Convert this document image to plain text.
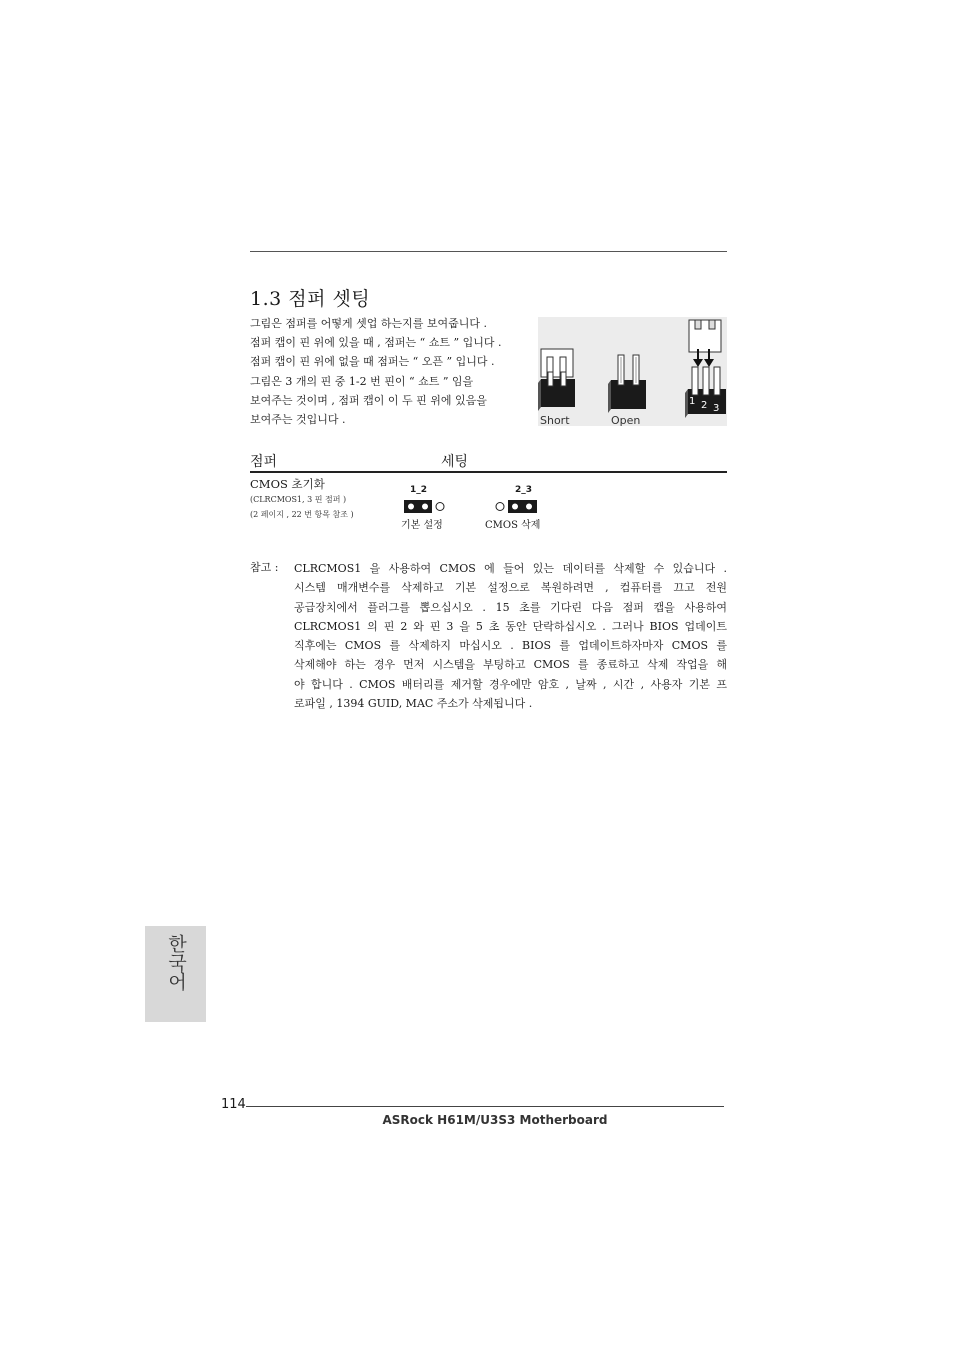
1.3 점퍼 셋팅
그림은 점퍼를 어떻게 셋업 하는지를 보여줍니다 .
점퍼 캡이 핀 위에 있을 때 , 점퍼는 “ 쇼트 ” 입니다 .
점퍼 캡이 핀 위에 없을 때 점퍼는 “ 오픈 ” 입니다 .
그림은 3 개의 핀 중 1-2 번 핀이 “ 쇼트 ” 임을
보여주는 것이며 , 점퍼 캡이 이 두 핀 위에 있음을
보여주는 것입니다 .
1 2 3
Short	Open
점퍼	세팅
CMOS 초기화
(CLRCMOS1, 3 핀 점퍼 )
(2 페이지 , 22 번 항목 참조 )
1_2
기본 설정
2_3
CMOS 삭제
참고 : CLRCMOS1 을 사용하여 CMOS 에 들어 있는 데이터를 삭제할 수 있습니다 .
시스템 매개변수를 삭제하고 기본 설정으로 복원하려면 , 컴퓨터를 끄고 전원
공급장치에서 플러그를 뽑으십시오 . 15 초를 기다린 다음 점퍼 캡을 사용하여
CLRCMOS1 의 핀 2 와 핀 3 을 5 초 동안 단락하십시오 . 그러나 BIOS 업데이트
직후에는 CMOS 를 삭제하지 마십시오 . BIOS 를 업데이트하자마자 CMOS 를
삭제해야 하는 경우 먼저 시스템을 부팅하고 CMOS 를 종료하고 삭제 작업을 해
야 합니다 . CMOS 배터리를 제거할 경우에만 암호 , 날짜 , 시간 , 사용자 기본 프
로파일 , 1394 GUID, MAC 주소가 삭제됩니다 .
한국어
114
ASRock H61M/U3S3 Motherboard
